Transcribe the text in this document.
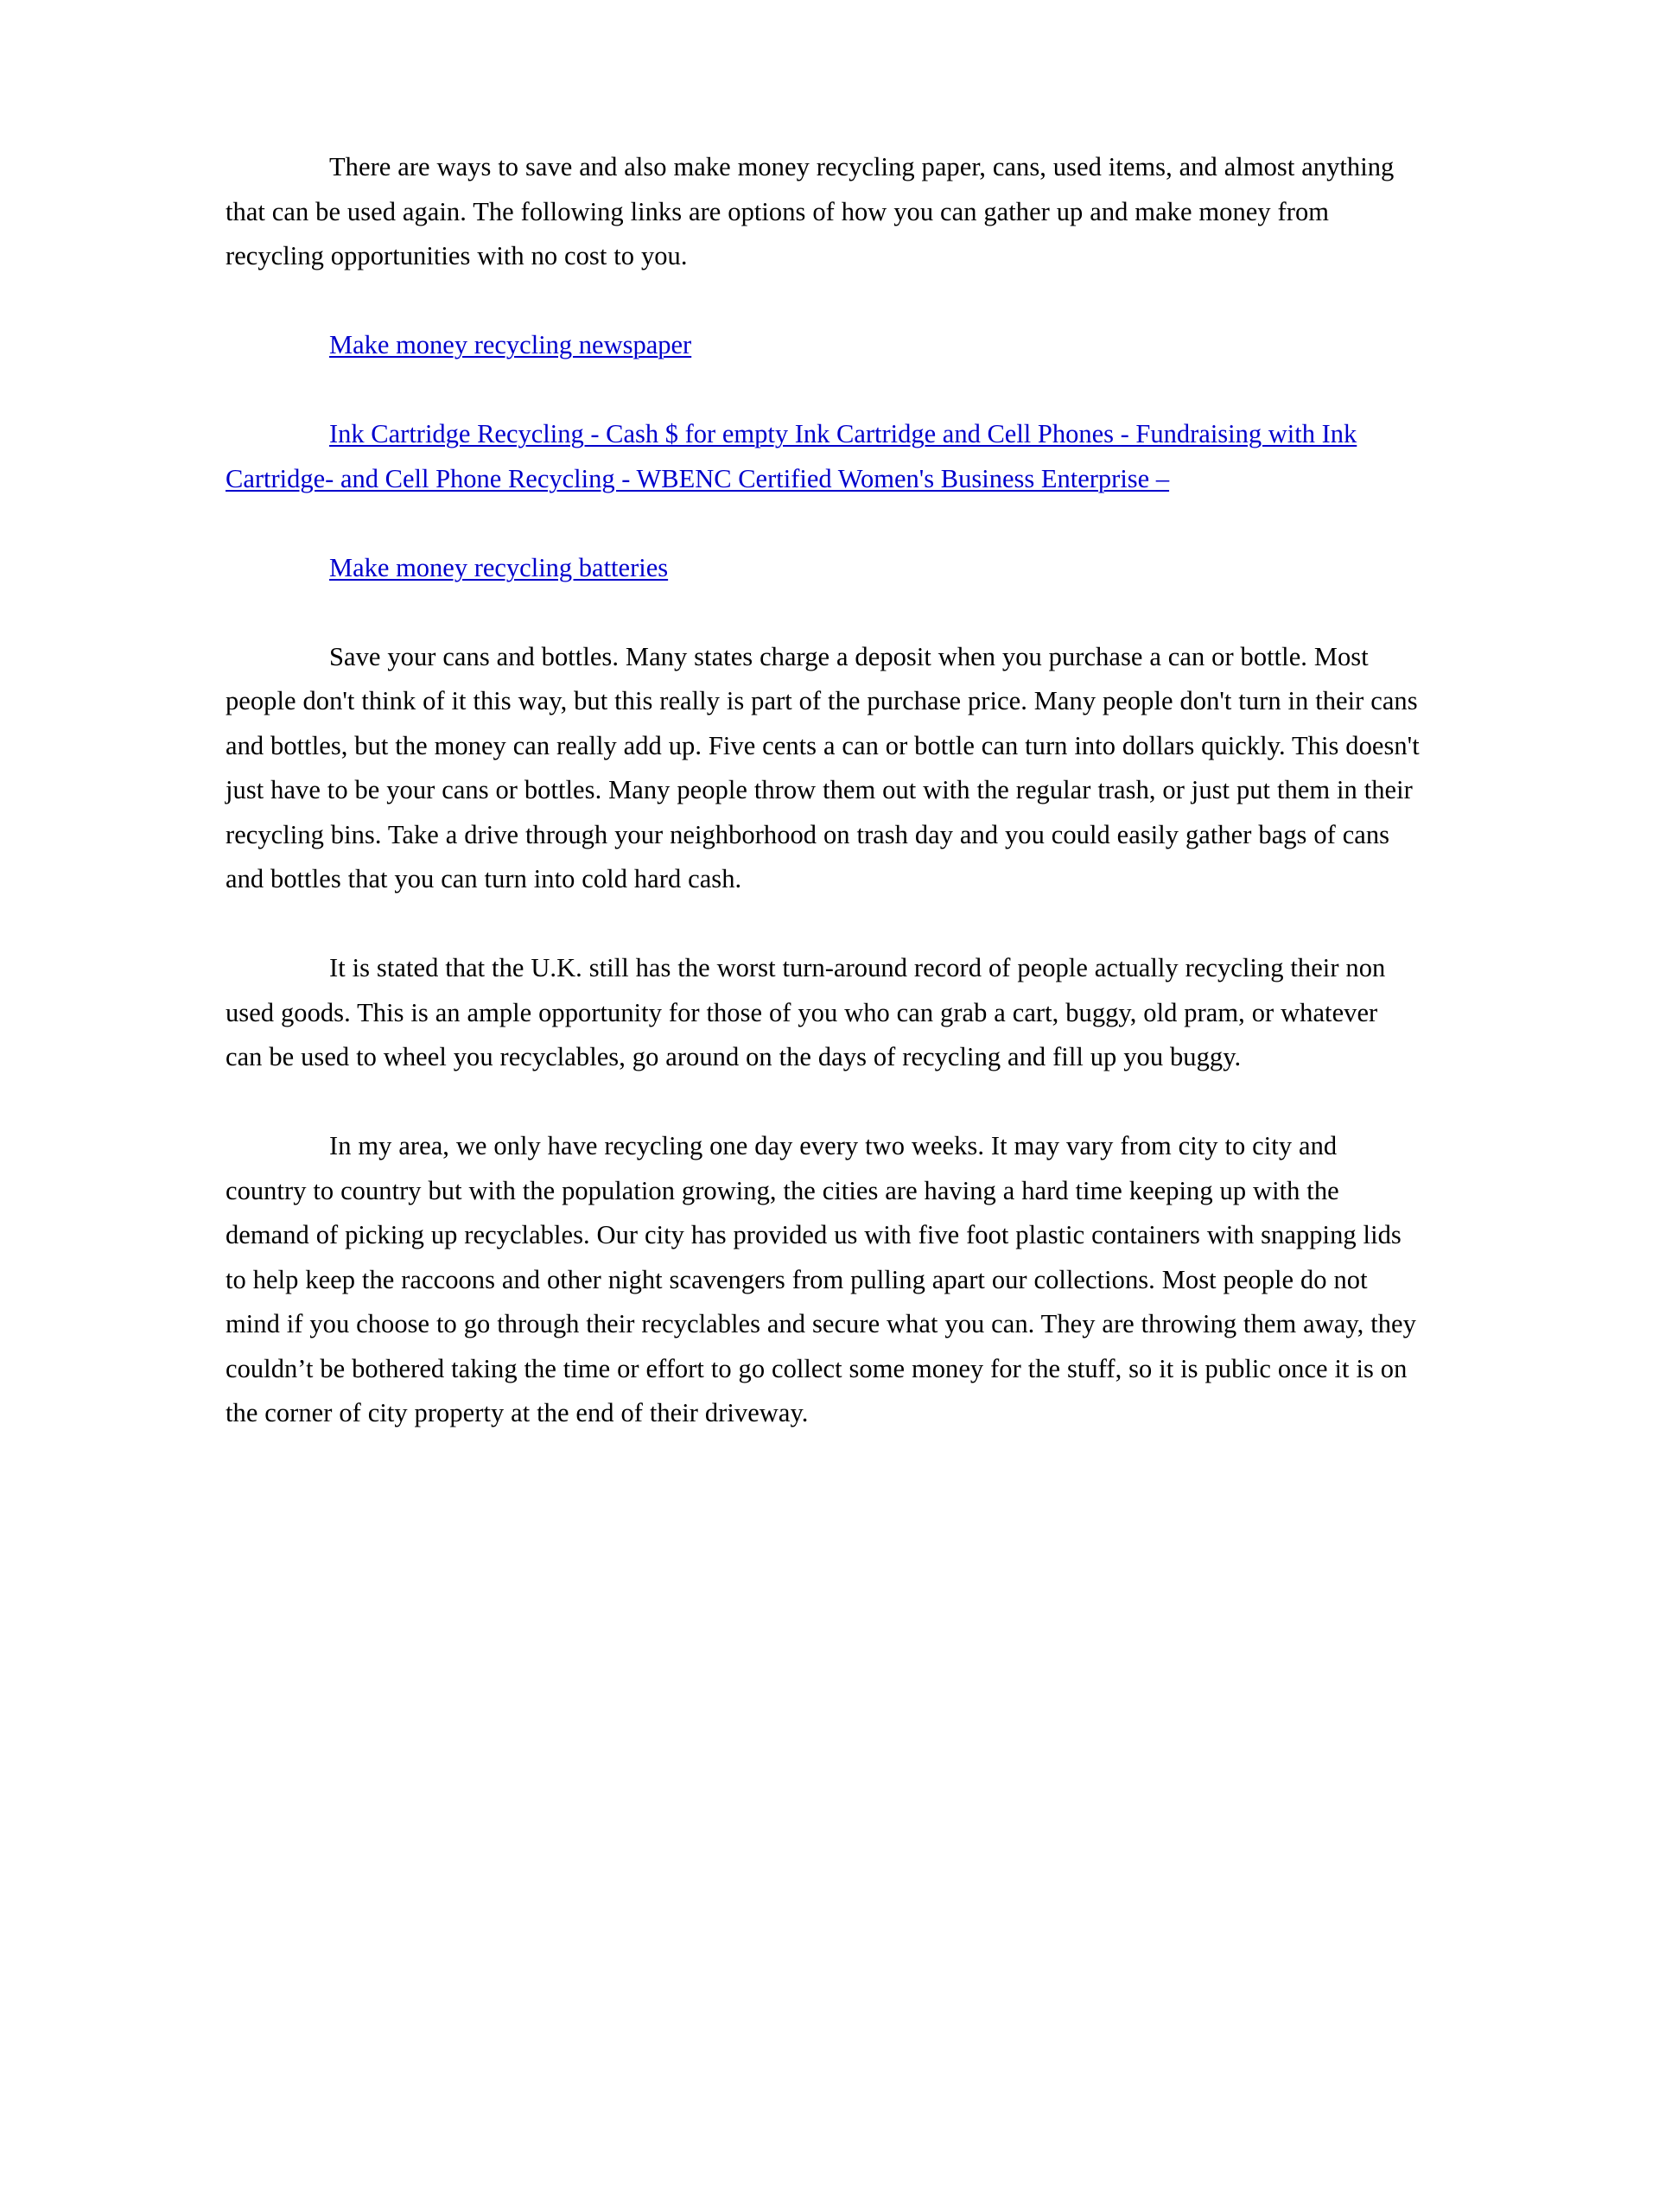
There are ways to save and also make money recycling paper, cans, used items, and almost anything that can be used again. The following links are options of how you can gather up and make money from recycling opportunities with no cost to you.

Make money recycling newspaper

Ink Cartridge Recycling - Cash $ for empty Ink Cartridge and Cell Phones - Fundraising with Ink Cartridge- and Cell Phone Recycling - WBENC Certified Women's Business Enterprise –

Make money recycling batteries

Save your cans and bottles. Many states charge a deposit when you purchase a can or bottle. Most people don't think of it this way, but this really is part of the purchase price. Many people don't turn in their cans and bottles, but the money can really add up. Five cents a can or bottle can turn into dollars quickly. This doesn't just have to be your cans or bottles. Many people throw them out with the regular trash, or just put them in their recycling bins. Take a drive through your neighborhood on trash day and you could easily gather bags of cans and bottles that you can turn into cold hard cash.

It is stated that the U.K. still has the worst turn-around record of people actually recycling their non used goods. This is an ample opportunity for those of you who can grab a cart, buggy, old pram, or whatever can be used to wheel you recyclables, go around on the days of recycling and fill up you buggy.

In my area, we only have recycling one day every two weeks. It may vary from city to city and country to country but with the population growing, the cities are having a hard time keeping up with the demand of picking up recyclables. Our city has provided us with five foot plastic containers with snapping lids to help keep the raccoons and other night scavengers from pulling apart our collections. Most people do not mind if you choose to go through their recyclables and secure what you can. They are throwing them away, they couldn’t be bothered taking the time or effort to go collect some money for the stuff, so it is public once it is on the corner of city property at the end of their driveway.
